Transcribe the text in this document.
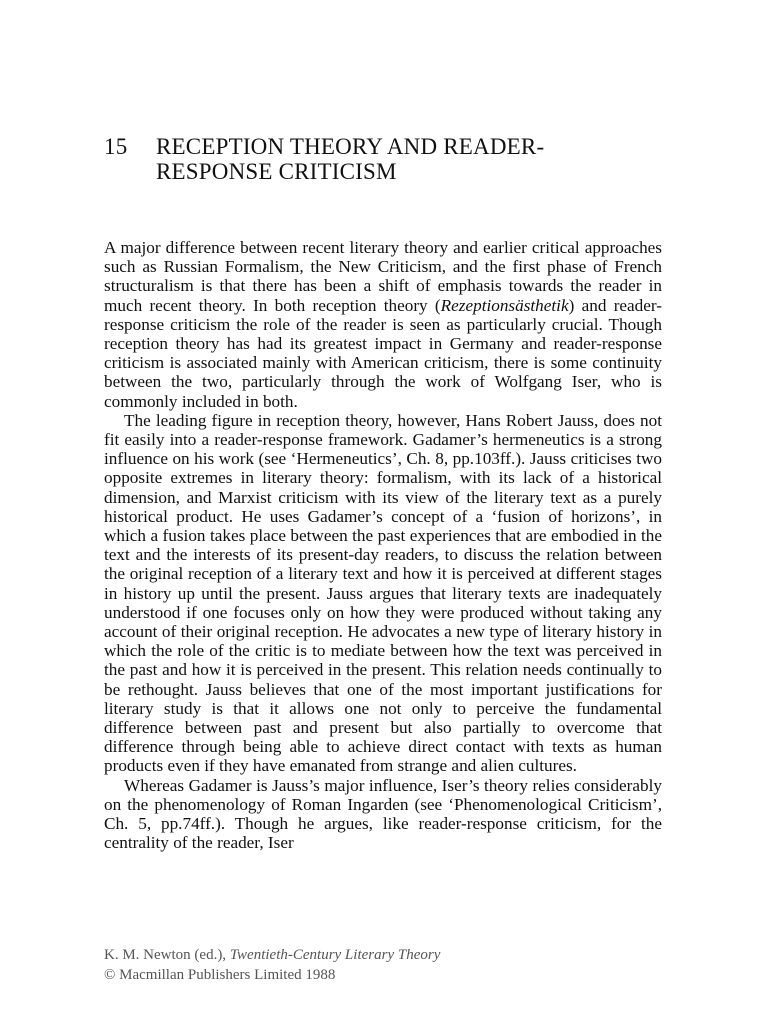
15	RECEPTION THEORY AND READER-
RESPONSE CRITICISM

A major difference between recent literary theory and earlier critical approaches such as Russian Formalism, the New Criticism, and the first phase of French structuralism is that there has been a shift of emphasis towards the reader in much recent theory. In both reception theory (Rezeptionsästhetik) and reader-response criticism the role of the reader is seen as particularly crucial. Though reception theory has had its greatest impact in Germany and reader-response criticism is associated mainly with American criticism, there is some continuity between the two, particularly through the work of Wolfgang Iser, who is commonly included in both.

The leading figure in reception theory, however, Hans Robert Jauss, does not fit easily into a reader-response framework. Gadamer’s hermeneutics is a strong influence on his work (see ‘Hermeneutics’, Ch. 8, pp.103ff.). Jauss criticises two opposite extremes in literary theory: formalism, with its lack of a historical dimension, and Marxist criticism with its view of the literary text as a purely historical product. He uses Gadamer’s concept of a ‘fusion of horizons’, in which a fusion takes place between the past experiences that are embodied in the text and the interests of its present-day readers, to discuss the relation between the original reception of a literary text and how it is perceived at different stages in history up until the present. Jauss argues that literary texts are inadequately understood if one focuses only on how they were produced without taking any account of their original reception. He advocates a new type of literary history in which the role of the critic is to mediate between how the text was perceived in the past and how it is perceived in the present. This relation needs continually to be rethought. Jauss believes that one of the most important justifications for literary study is that it allows one not only to perceive the fundamental difference between past and present but also partially to overcome that difference through being able to achieve direct contact with texts as human products even if they have emanated from strange and alien cultures.

Whereas Gadamer is Jauss’s major influence, Iser’s theory relies considerably on the phenomenology of Roman Ingarden (see ‘Phenomenological Criticism’, Ch. 5, pp.74ff.). Though he argues, like reader-response criticism, for the centrality of the reader, Iser

K. M. Newton (ed.), Twentieth-Century Literary Theory
© Macmillan Publishers Limited 1988
